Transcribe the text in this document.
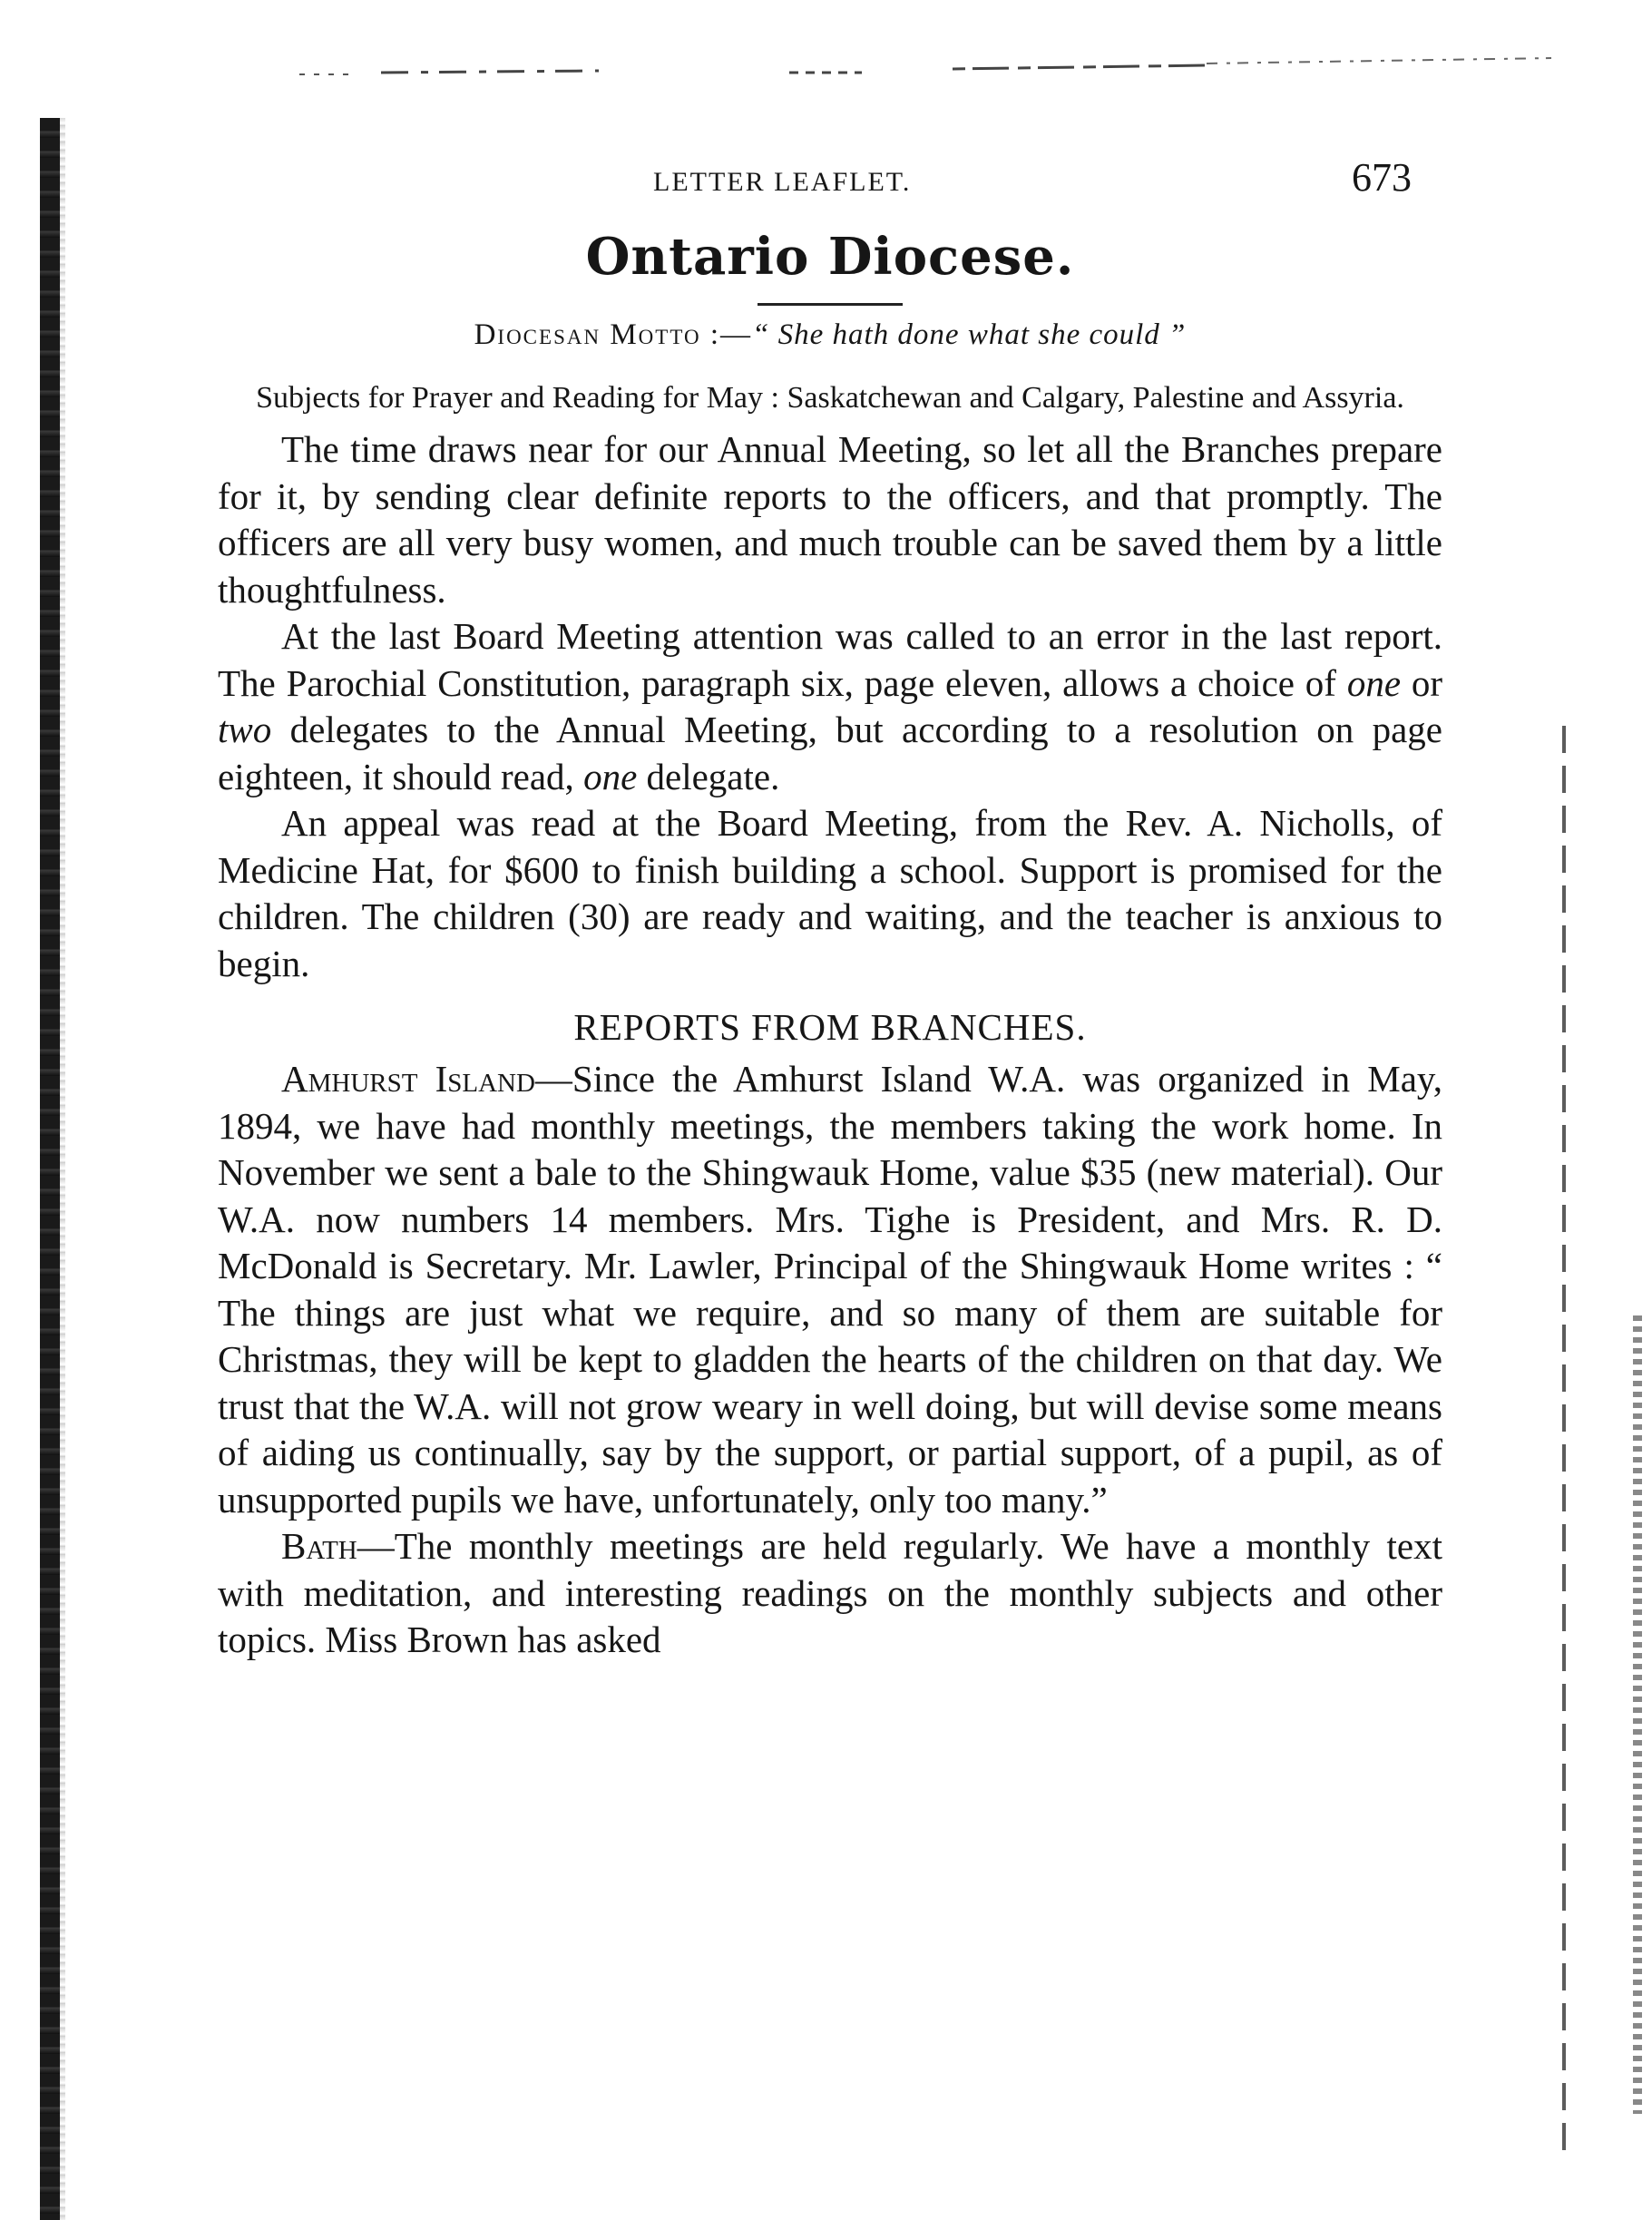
LETTER LEAFLET.	673
Ontario Diocese.
Diocesan Motto :—“ She hath done what she could ”
Subjects for Prayer and Reading for May : Saskatchewan and Calgary, Palestine and Assyria.

The time draws near for our Annual Meeting, so let all the Branches prepare for it, by sending clear definite reports to the officers, and that promptly. The officers are all very busy women, and much trouble can be saved them by a little thoughtfulness.

At the last Board Meeting attention was called to an error in the last report. The Parochial Constitution, paragraph six, page eleven, allows a choice of one or two delegates to the Annual Meeting, but according to a resolution on page eighteen, it should read, one delegate.

An appeal was read at the Board Meeting, from the Rev. A. Nicholls, of Medicine Hat, for $600 to finish building a school. Support is promised for the children. The children (30) are ready and waiting, and the teacher is anxious to begin.

REPORTS FROM BRANCHES.

Amhurst Island—Since the Amhurst Island W.A. was organized in May, 1894, we have had monthly meetings, the members taking the work home. In November we sent a bale to the Shingwauk Home, value $35 (new material). Our W.A. now numbers 14 members. Mrs. Tighe is President, and Mrs. R. D. McDonald is Secretary. Mr. Lawler, Principal of the Shingwauk Home writes : “ The things are just what we require, and so many of them are suitable for Christmas, they will be kept to gladden the hearts of the children on that day. We trust that the W.A. will not grow weary in well doing, but will devise some means of aiding us continually, say by the support, or partial support, of a pupil, as of unsupported pupils we have, unfortunately, only too many.”

Bath—The monthly meetings are held regularly. We have a monthly text with meditation, and interesting readings on the monthly subjects and other topics. Miss Brown has asked
